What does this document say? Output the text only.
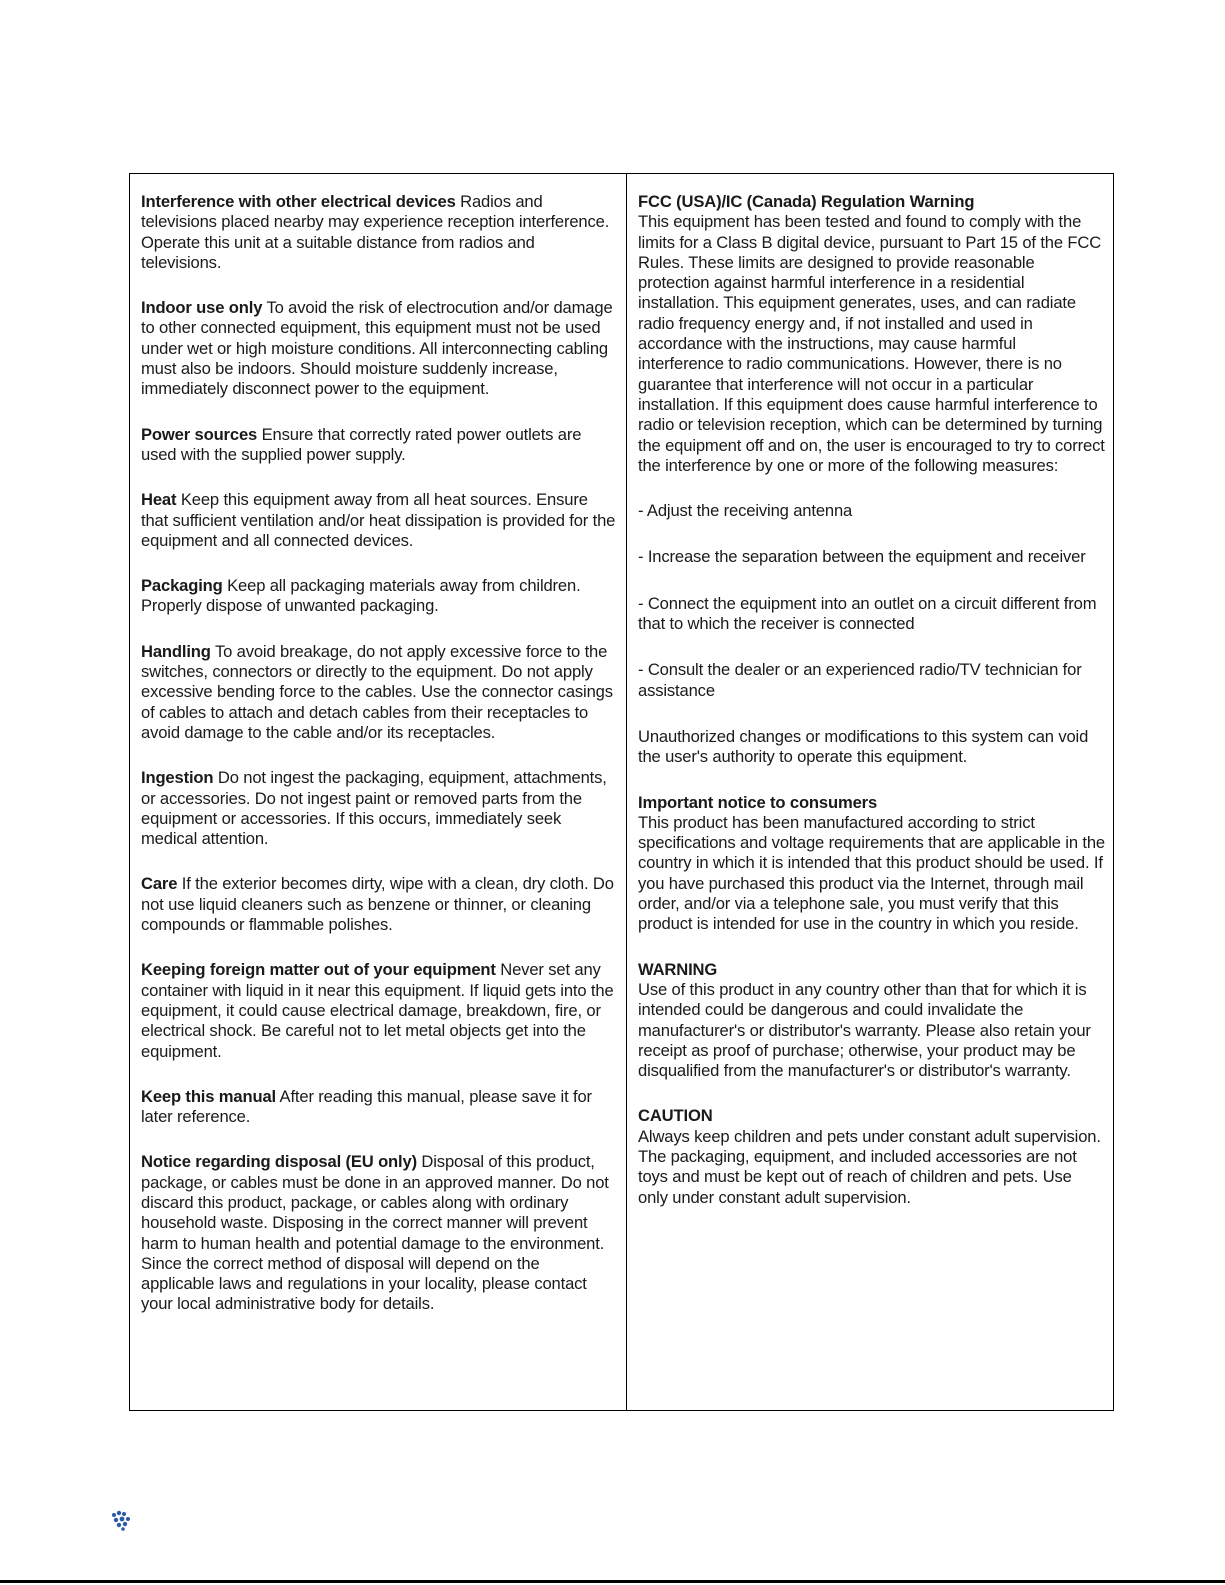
Interference with other electrical devices Radios and televisions placed nearby may experience reception interference. Operate this unit at a suitable distance from radios and televisions.

Indoor use only To avoid the risk of electrocution and/or damage to other connected equipment, this equipment must not be used under wet or high moisture conditions. All interconnecting cabling must also be indoors. Should moisture suddenly increase, immediately disconnect power to the equipment.

Power sources Ensure that correctly rated power outlets are used with the supplied power supply.

Heat Keep this equipment away from all heat sources. Ensure that sufficient ventilation and/or heat dissipation is provided for the equipment and all connected devices.

Packaging Keep all packaging materials away from children. Properly dispose of unwanted packaging.

Handling To avoid breakage, do not apply excessive force to the switches, connectors or directly to the equipment. Do not apply excessive bending force to the cables. Use the connector casings of cables to attach and detach cables from their receptacles to avoid damage to the cable and/or its receptacles.

Ingestion Do not ingest the packaging, equipment, attachments, or accessories. Do not ingest paint or removed parts from the equipment or accessories. If this occurs, immediately seek medical attention.

Care If the exterior becomes dirty, wipe with a clean, dry cloth. Do not use liquid cleaners such as benzene or thinner, or cleaning compounds or flammable polishes.

Keeping foreign matter out of your equipment Never set any container with liquid in it near this equipment. If liquid gets into the equipment, it could cause electrical damage, breakdown, fire, or electrical shock. Be careful not to let metal objects get into the equipment.

Keep this manual After reading this manual, please save it for later reference.

Notice regarding disposal (EU only) Disposal of this product, package, or cables must be done in an approved manner. Do not discard this product, package, or cables along with ordinary household waste. Disposing in the correct manner will prevent harm to human health and potential damage to the environment. Since the correct method of disposal will depend on the applicable laws and regulations in your locality, please contact your local administrative body for details.

FCC (USA)/IC (Canada) Regulation Warning
This equipment has been tested and found to comply with the limits for a Class B digital device, pursuant to Part 15 of the FCC Rules. These limits are designed to provide reasonable protection against harmful interference in a residential installation. This equipment generates, uses, and can radiate radio frequency energy and, if not installed and used in accordance with the instructions, may cause harmful interference to radio communications. However, there is no guarantee that interference will not occur in a particular installation. If this equipment does cause harmful interference to radio or television reception, which can be determined by turning the equipment off and on, the user is encouraged to try to correct the interference by one or more of the following measures:

- Adjust the receiving antenna

- Increase the separation between the equipment and receiver

- Connect the equipment into an outlet on a circuit different from that to which the receiver is connected

- Consult the dealer or an experienced radio/TV technician for assistance

Unauthorized changes or modifications to this system can void the user's authority to operate this equipment.

Important notice to consumers
This product has been manufactured according to strict specifications and voltage requirements that are applicable in the country in which it is intended that this product should be used. If you have purchased this product via the Internet, through mail order, and/or via a telephone sale, you must verify that this product is intended for use in the country in which you reside.

WARNING
Use of this product in any country other than that for which it is intended could be dangerous and could invalidate the manufacturer's or distributor's warranty. Please also retain your receipt as proof of purchase; otherwise, your product may be disqualified from the manufacturer's or distributor's warranty.

CAUTION
Always keep children and pets under constant adult supervision. The packaging, equipment, and included accessories are not toys and must be kept out of reach of children and pets. Use only under constant adult supervision.
